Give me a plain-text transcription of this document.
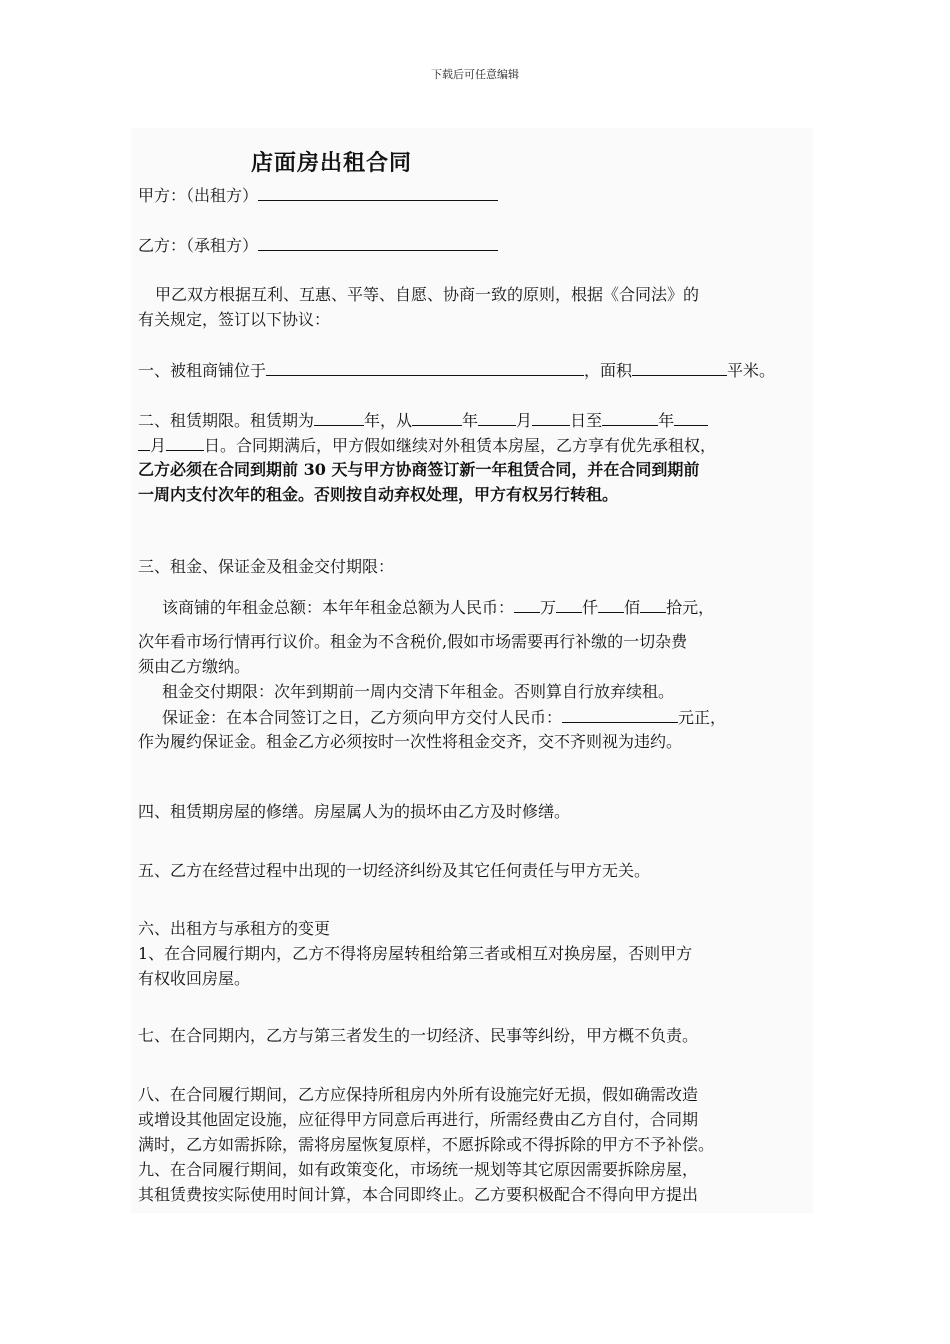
下载后可任意编辑
店面房出租合同
甲方：（出租方）
乙方：（承租方）
甲乙双方根据互利、互惠、平等、自愿、协商一致的原则，根据《合同法》的
有关规定，签订以下协议：
一、被租商铺位于	，面积	平米。
二、租赁期限。租赁期为	年，从	年 月 日至	年
月 日。合同期满后，甲方假如继续对外租赁本房屋，乙方享有优先承租权，
乙方必须在合同到期前 30 天与甲方协商签订新一年租赁合同，并在合同到期前
一周内支付次年的租金。否则按自动弃权处理，甲方有权另行转租。
三、租金、保证金及租金交付期限：
该商铺的年租金总额：本年年租金总额为人民币： 万 仟 佰 拾元，
次年看市场行情再行议价。租金为不含税价,假如市场需要再行补缴的一切杂费
须由乙方缴纳。
租金交付期限：次年到期前一周内交清下年租金。否则算自行放弃续租。
保证金：在本合同签订之日，乙方须向甲方交付人民币：	元正，
作为履约保证金。租金乙方必须按时一次性将租金交齐，交不齐则视为违约。
四、租赁期房屋的修缮。房屋属人为的损坏由乙方及时修缮。
五、乙方在经营过程中出现的一切经济纠纷及其它任何责任与甲方无关。
六、出租方与承租方的变更
1、在合同履行期内，乙方不得将房屋转租给第三者或相互对换房屋，否则甲方
有权收回房屋。
七、在合同期内，乙方与第三者发生的一切经济、民事等纠纷，甲方概不负责。
八、在合同履行期间，乙方应保持所租房内外所有设施完好无损，假如确需改造
或增设其他固定设施，应征得甲方同意后再进行，所需经费由乙方自付，合同期
满时，乙方如需拆除，需将房屋恢复原样，不愿拆除或不得拆除的甲方不予补偿。
九、在合同履行期间，如有政策变化，市场统一规划等其它原因需要拆除房屋，
其租赁费按实际使用时间计算，本合同即终止。乙方要积极配合不得向甲方提出
